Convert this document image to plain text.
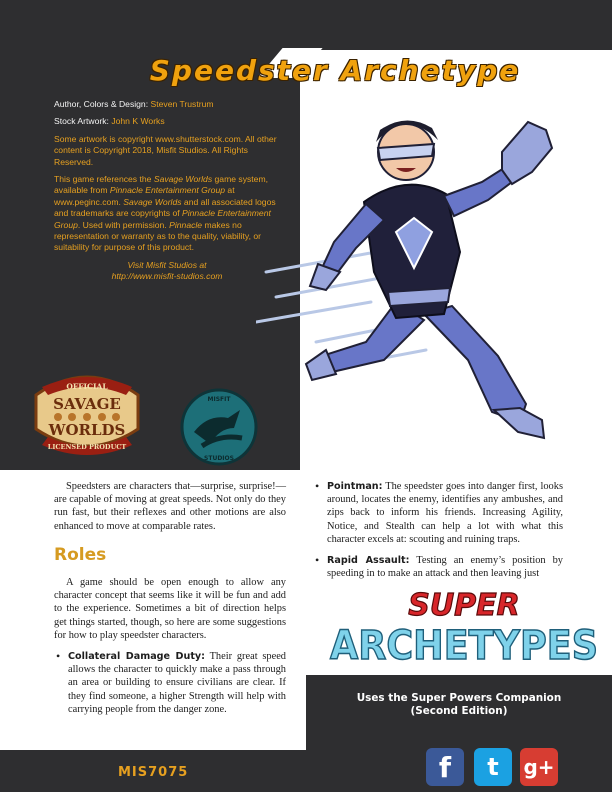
Speedster Archetype

Author, Colors & Design: Steven Trustrum

Stock Artwork: John K Works

Some artwork is copyright www.shutterstock.com. All other content is Copyright 2018, Misfit Studios. All Rights Reserved.

This game references the Savage Worlds game system, available from Pinnacle Entertainment Group at www.peginc.com. Savage Worlds and all associated logos and trademarks are copyrights of Pinnacle Entertainment Group. Used with permission. Pinnacle makes no representation or warranty as to the quality, viability, or suitability for purpose of this product.

Visit Misfit Studios at
http://www.misfit-studios.com

OFFICIAL
SAVAGE
WORLDS
LICENSED PRODUCT
MISFIT
STUDIOS

Speedsters are characters that—surprise, surprise!—are capable of moving at great speeds. Not only do they run fast, but their reflexes and other motions are also enhanced to move at comparable rates.

Roles

A game should be open enough to allow any character concept that seems like it will be fun and add to the experience. Sometimes a bit of direction helps get things started, though, so here are some suggestions for how to play speedster characters.

• Collateral Damage Duty: Their great speed allows the character to quickly make a pass through an area or building to ensure civilians are clear. If they find someone, a higher Strength will help with carrying people from the danger zone.

• Pointman: The speedster goes into danger first, looks around, locates the enemy, identifies any ambushes, and zips back to inform his friends. Increasing Agility, Notice, and Stealth can help a lot with what this character excels at: scouting and ruining traps.

• Rapid Assault: Testing an enemy’s position by speeding in to make an attack and then leaving just

SUPER
ARCHETYPES
Uses the Super Powers Companion
(Second Edition)
MIS7075	f	t	g+
